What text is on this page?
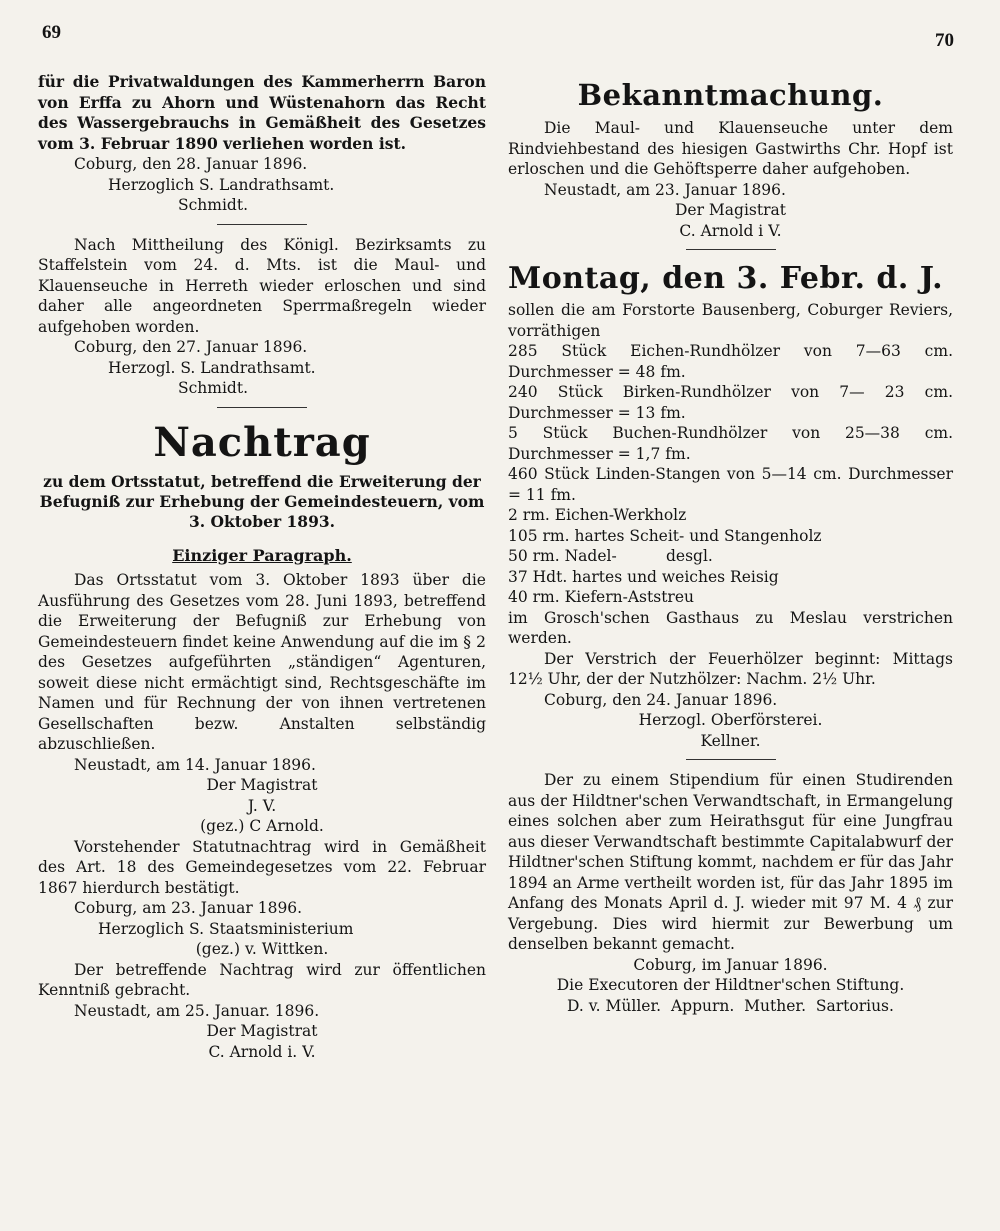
69	70

für die Privatwaldungen des Kammerherrn Baron von Erffa zu Ahorn und Wüstenahorn das Recht des Wassergebrauchs in Gemäßheit des Gesetzes vom 3. Februar 1890 verliehen worden ist.

Coburg, den 28. Januar 1896.

Herzoglich S. Landrathsamt.

Schmidt.

Nach Mittheilung des Königl. Bezirksamts zu Staffelstein vom 24. d. Mts. ist die Maul- und Klauenseuche in Herreth wieder erloschen und sind daher alle angeordneten Sperrmaßregeln wieder aufgehoben worden.

Coburg, den 27. Januar 1896.

Herzogl. S. Landrathsamt.

Schmidt.

Nachtrag

zu dem Ortsstatut, betreffend die Erweiterung der Befugniß zur Erhebung der Gemeindesteuern, vom 3. Oktober 1893.

Einziger Paragraph.

Das Ortsstatut vom 3. Oktober 1893 über die Ausführung des Gesetzes vom 28. Juni 1893, betreffend die Erweiterung der Befugniß zur Erhebung von Gemeindesteuern findet keine Anwendung auf die im § 2 des Gesetzes aufgeführten „ständigen“ Agenturen, soweit diese nicht ermächtigt sind, Rechtsgeschäfte im Namen und für Rechnung der von ihnen vertretenen Gesellschaften bezw. Anstalten selbständig abzuschließen.

Neustadt, am 14. Januar 1896.

Der Magistrat

J. V.

(gez.) C Arnold.

Vorstehender Statutnachtrag wird in Gemäßheit des Art. 18 des Gemeindegesetzes vom 22. Februar 1867 hierdurch bestätigt.

Coburg, am 23. Januar 1896.

Herzoglich S. Staatsministerium

(gez.) v. Wittken.

Der betreffende Nachtrag wird zur öffentlichen Kenntniß gebracht.

Neustadt, am 25. Januar. 1896.

Der Magistrat

C. Arnold i. V.

Bekanntmachung.

Die Maul- und Klauenseuche unter dem Rindviehbestand des hiesigen Gastwirths Chr. Hopf ist erloschen und die Gehöftsperre daher aufgehoben.

Neustadt, am 23. Januar 1896.

Der Magistrat

C. Arnold i V.

Montag, den 3. Febr. d. J.

sollen die am Forstorte Bausenberg, Coburger Reviers, vorräthigen

285 Stück Eichen-Rundhölzer von 7—63 cm. Durchmesser = 48 fm.

240 Stück Birken-Rundhölzer von 7— 23 cm. Durchmesser = 13 fm.

5 Stück Buchen-Rundhölzer von 25—38 cm. Durchmesser = 1,7 fm.

460 Stück Linden-Stangen von 5—14 cm. Durchmesser = 11 fm.

2 rm. Eichen-Werkholz

105 rm. hartes Scheit- und Stangenholz

50 rm. Nadel-          desgl.

37 Hdt. hartes und weiches Reisig

40 rm. Kiefern-Aststreu

im Grosch'schen Gasthaus zu Meslau verstrichen werden.

Der Verstrich der Feuerhölzer beginnt: Mittags 12½ Uhr, der der Nutzhölzer: Nachm. 2½ Uhr.

Coburg, den 24. Januar 1896.

Herzogl. Oberförsterei.

Kellner.

Der zu einem Stipendium für einen Studirenden aus der Hildtner'schen Verwandtschaft, in Ermangelung eines solchen aber zum Heirathsgut für eine Jungfrau aus dieser Verwandtschaft bestimmte Capitalabwurf der Hildtner'schen Stiftung kommt, nachdem er für das Jahr 1894 an Arme vertheilt worden ist, für das Jahr 1895 im Anfang des Monats April d. J. wieder mit 97 M. 4 ₰ zur Vergebung. Dies wird hiermit zur Bewerbung um denselben bekannt gemacht.

Coburg, im Januar 1896.

Die Executoren der Hildtner'schen Stiftung.

D. v. Müller.  Appurn.  Muther.  Sartorius.
